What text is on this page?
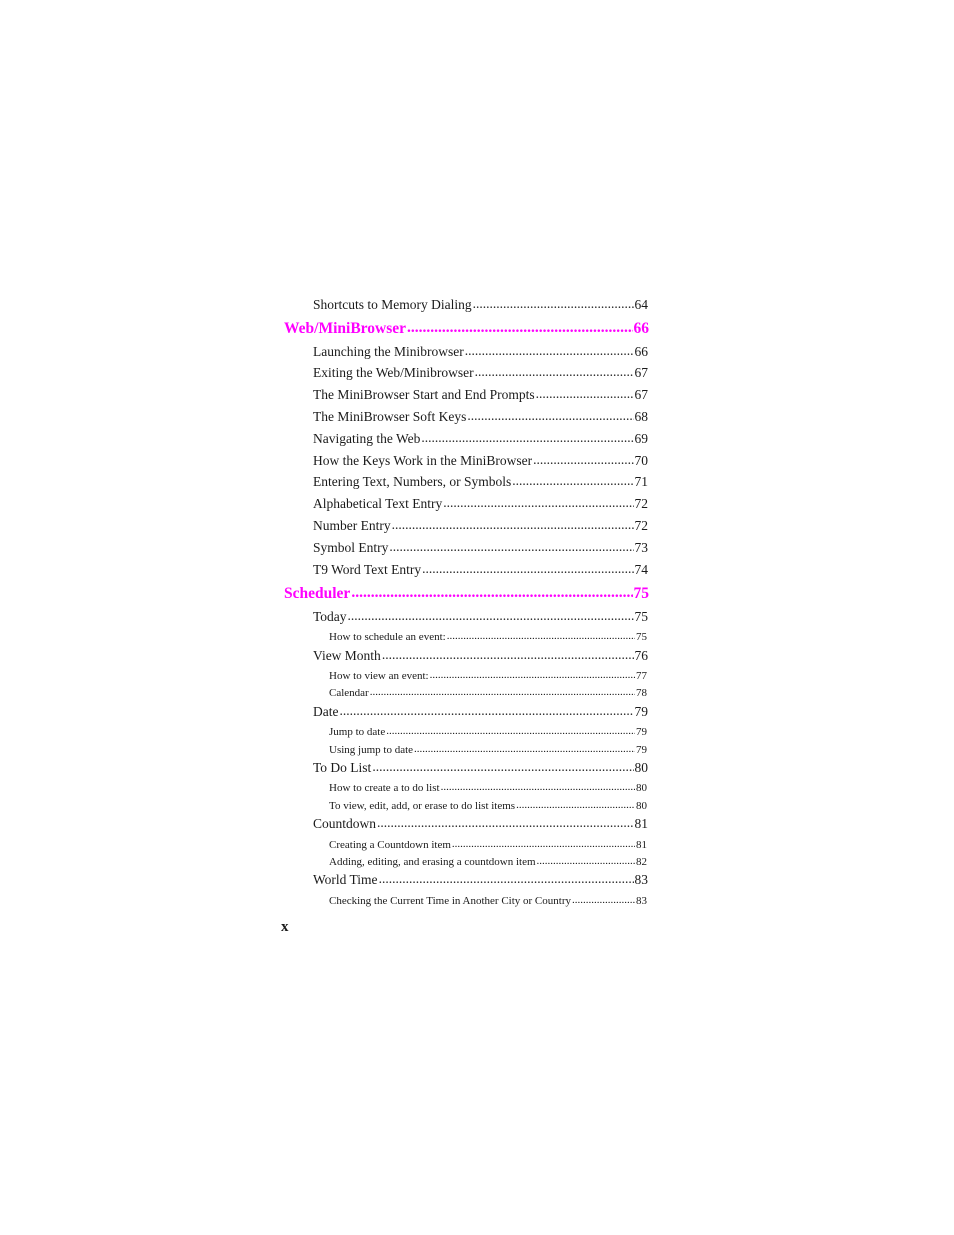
Shortcuts to Memory Dialing .....	64
Web/MiniBrowser .....	66
Launching the Minibrowser .....	66
Exiting the Web/Minibrowser .....	67
The MiniBrowser Start and End Prompts .....	67
The MiniBrowser Soft Keys .....	68
Navigating the Web .....	69
How the Keys Work in the MiniBrowser .....	70
Entering Text, Numbers, or Symbols .....	71
Alphabetical Text Entry .....	72
Number Entry .....	72
Symbol Entry .....	73
T9 Word Text Entry .....	74
Scheduler .....	75
Today .....	75
How to schedule an event: .....	75
View Month .....	76
How to view an event: .....	77
Calendar .....	78
Date .....	79
Jump to date .....	79
Using jump to date .....	79
To Do List .....	80
How to create a to do list .....	80
To view, edit, add, or erase to do list items .....	80
Countdown .....	81
Creating a Countdown item .....	81
Adding, editing, and erasing a countdown item .....	82
World Time .....	83
Checking the Current Time in Another City or Country .....	83
x
